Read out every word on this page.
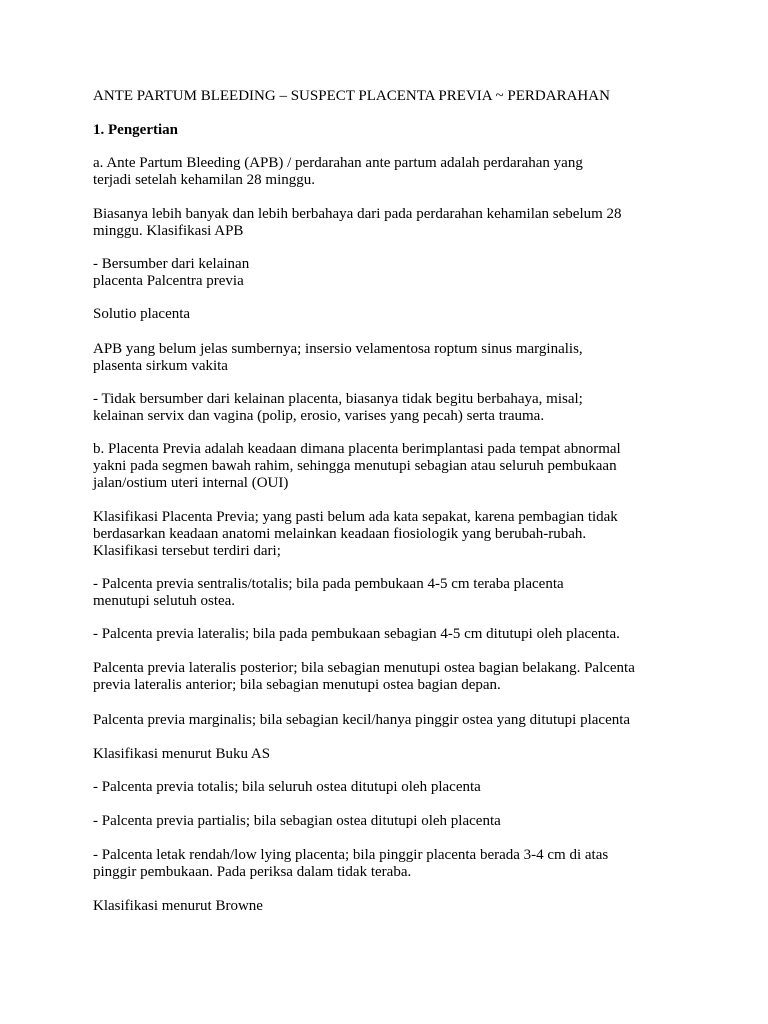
ANTE PARTUM BLEEDING – SUSPECT PLACENTA PREVIA ~ PERDARAHAN

1. Pengertian

a. Ante Partum Bleeding (APB) / perdarahan ante partum adalah perdarahan yang
terjadi setelah kehamilan 28 minggu.

Biasanya lebih banyak dan lebih berbahaya dari pada perdarahan kehamilan sebelum 28
minggu. Klasifikasi APB

- Bersumber dari kelainan
placenta Palcentra previa

Solutio placenta

APB yang belum jelas sumbernya; insersio velamentosa roptum sinus marginalis,
plasenta sirkum vakita

- Tidak bersumber dari kelainan placenta, biasanya tidak begitu berbahaya, misal;
kelainan servix dan vagina (polip, erosio, varises yang pecah) serta trauma.

b. Placenta Previa adalah keadaan dimana placenta berimplantasi pada tempat abnormal
yakni pada segmen bawah rahim, sehingga menutupi sebagian atau seluruh pembukaan
jalan/ostium uteri internal (OUI)

Klasifikasi Placenta Previa; yang pasti belum ada kata sepakat, karena pembagian tidak
berdasarkan keadaan anatomi melainkan keadaan fiosiologik yang berubah-rubah.
Klasifikasi tersebut terdiri dari;

- Palcenta previa sentralis/totalis; bila pada pembukaan 4-5 cm teraba placenta
menutupi selutuh ostea.

- Palcenta previa lateralis; bila pada pembukaan sebagian 4-5 cm ditutupi oleh placenta.

Palcenta previa lateralis posterior; bila sebagian menutupi ostea bagian belakang. Palcenta
previa lateralis anterior; bila sebagian menutupi ostea bagian depan.

Palcenta previa marginalis; bila sebagian kecil/hanya pinggir ostea yang ditutupi placenta

Klasifikasi menurut Buku AS

- Palcenta previa totalis; bila seluruh ostea ditutupi oleh placenta

- Palcenta previa partialis; bila sebagian ostea ditutupi oleh placenta

- Palcenta letak rendah/low lying placenta; bila pinggir placenta berada 3-4 cm di atas
pinggir pembukaan. Pada periksa dalam tidak teraba.

Klasifikasi menurut Browne
